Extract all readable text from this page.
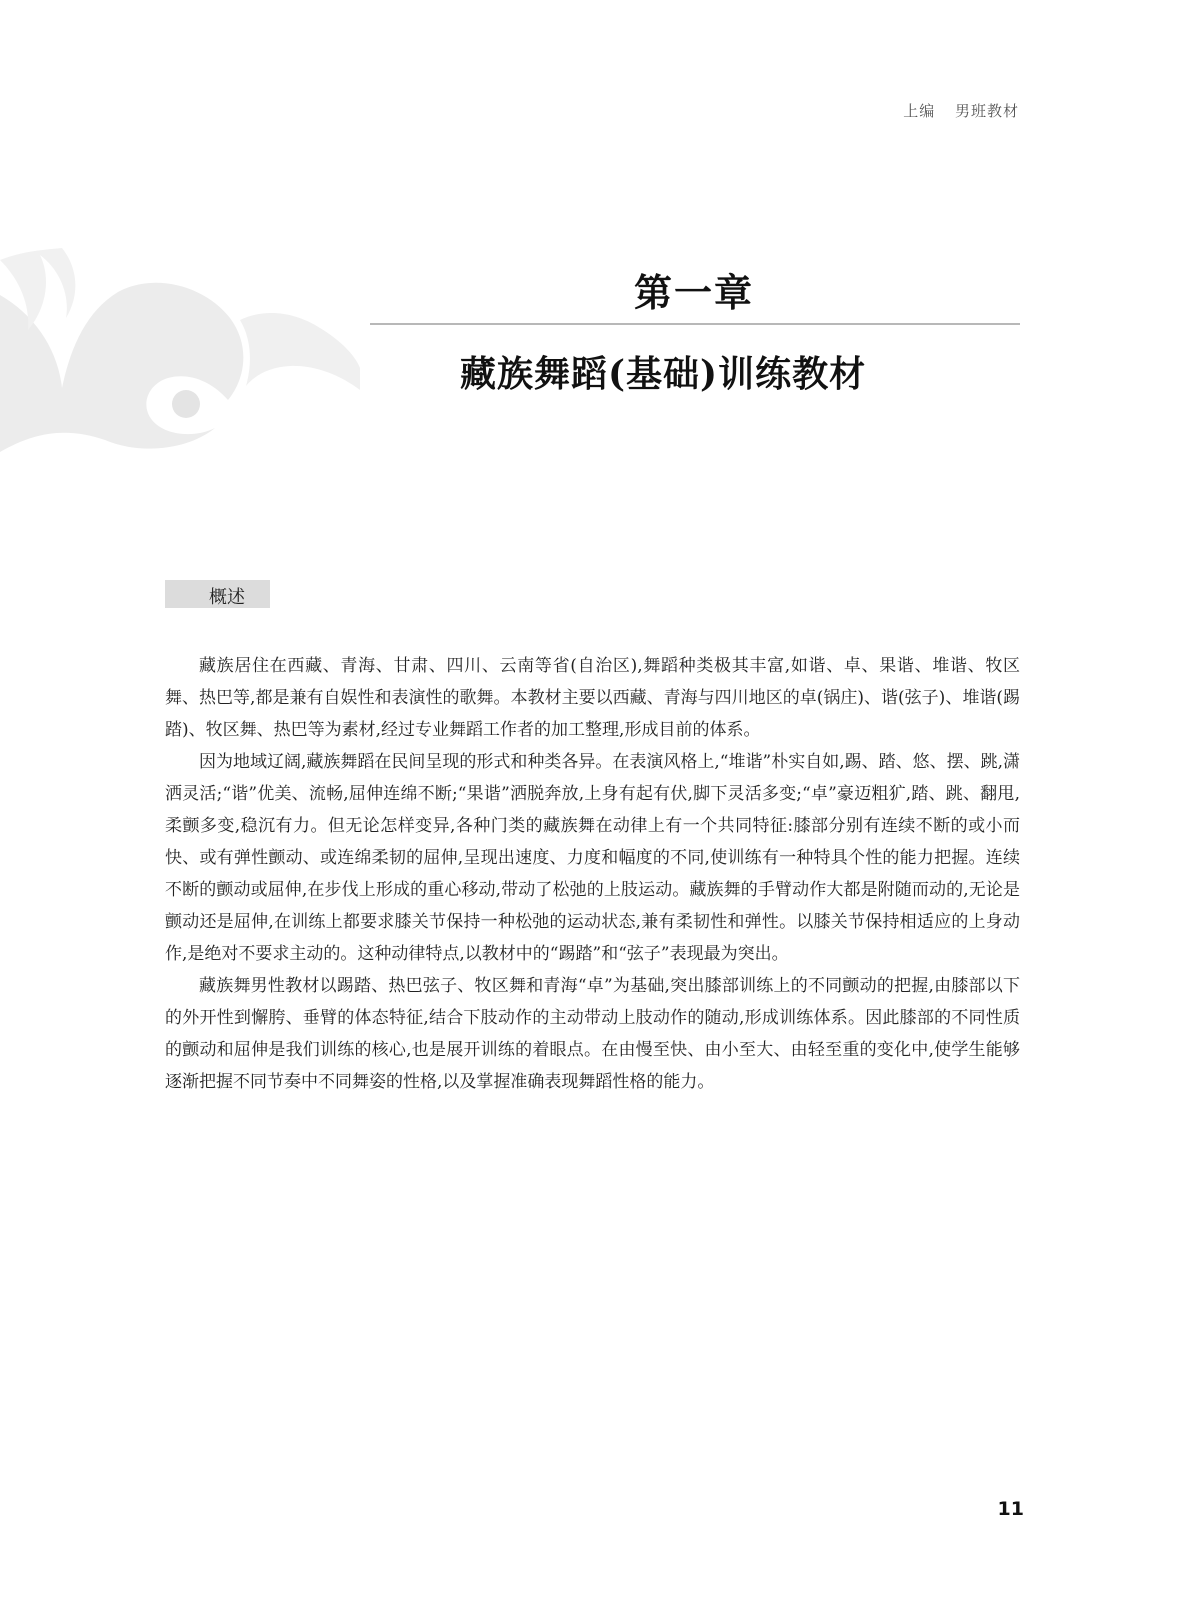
上编 男班教材
第一章
藏族舞蹈(基础)训练教材
概述

藏族居住在西藏、青海、甘肃、四川、云南等省(自治区),舞蹈种类极其丰富,如谐、卓、果谐、堆谐、牧区舞、热巴等,都是兼有自娱性和表演性的歌舞。本教材主要以西藏、青海与四川地区的卓(锅庄)、谐(弦子)、堆谐(踢踏)、牧区舞、热巴等为素材,经过专业舞蹈工作者的加工整理,形成目前的体系。

因为地域辽阔,藏族舞蹈在民间呈现的形式和种类各异。在表演风格上,“堆谐”朴实自如,踢、踏、悠、摆、跳,潇洒灵活;“谐”优美、流畅,屈伸连绵不断;“果谐”洒脱奔放,上身有起有伏,脚下灵活多变;“卓”豪迈粗犷,踏、跳、翻甩,柔颤多变,稳沉有力。但无论怎样变异,各种门类的藏族舞在动律上有一个共同特征:膝部分别有连续不断的或小而快、或有弹性颤动、或连绵柔韧的屈伸,呈现出速度、力度和幅度的不同,使训练有一种特具个性的能力把握。连续不断的颤动或屈伸,在步伐上形成的重心移动,带动了松弛的上肢运动。藏族舞的手臂动作大都是附随而动的,无论是颤动还是屈伸,在训练上都要求膝关节保持一种松弛的运动状态,兼有柔韧性和弹性。以膝关节保持相适应的上身动作,是绝对不要求主动的。这种动律特点,以教材中的“踢踏”和“弦子”表现最为突出。

藏族舞男性教材以踢踏、热巴弦子、牧区舞和青海“卓”为基础,突出膝部训练上的不同颤动的把握,由膝部以下的外开性到懈胯、垂臂的体态特征,结合下肢动作的主动带动上肢动作的随动,形成训练体系。因此膝部的不同性质的颤动和屈伸是我们训练的核心,也是展开训练的着眼点。在由慢至快、由小至大、由轻至重的变化中,使学生能够逐渐把握不同节奏中不同舞姿的性格,以及掌握准确表现舞蹈性格的能力。

11
